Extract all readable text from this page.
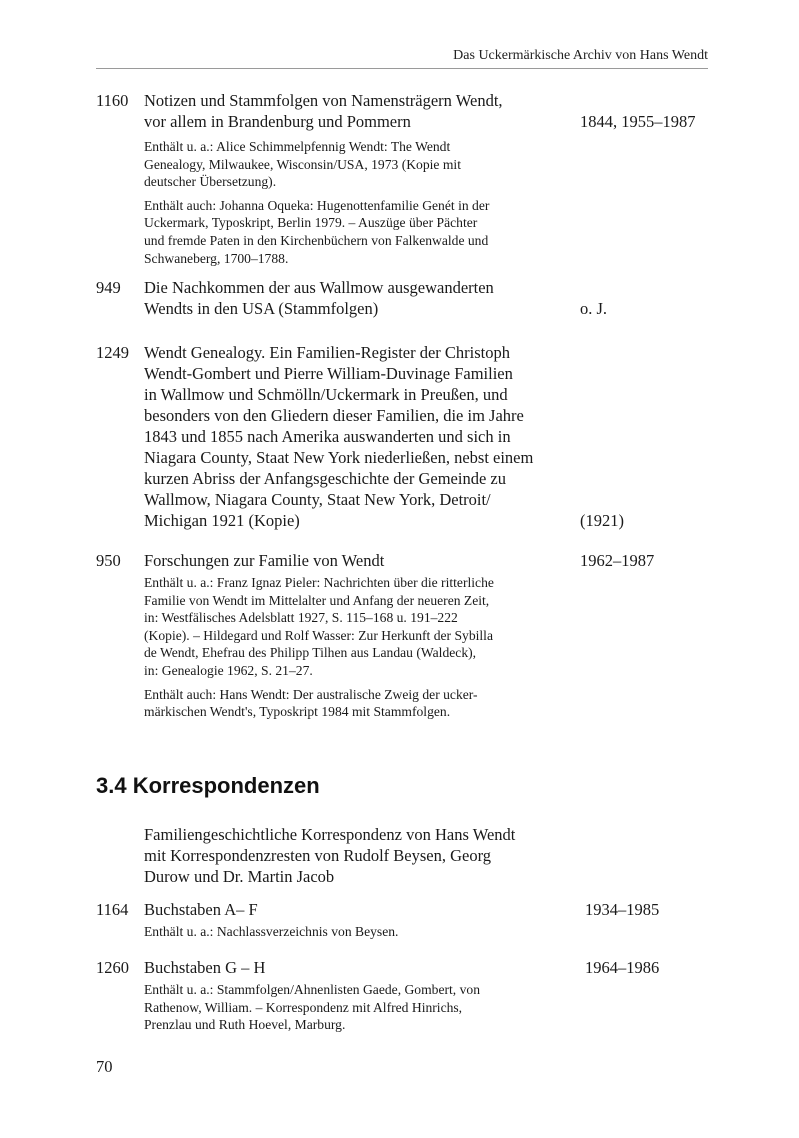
Das Uckermärkische Archiv von Hans Wendt
1160 Notizen und Stammfolgen von Namensträgern Wendt,
vor allem in Brandenburg und Pommern	1844, 1955–1987
Enthält u. a.: Alice Schimmelpfennig Wendt: The Wendt
Genealogy, Milwaukee, Wisconsin/USA, 1973 (Kopie mit
deutscher Übersetzung).
Enthält auch: Johanna Oqueka: Hugenottenfamilie Genét in der
Uckermark, Typoskript, Berlin 1979. – Auszüge über Pächter
und fremde Paten in den Kirchenbüchern von Falkenwalde und
Schwaneberg, 1700–1788.
949 Die Nachkommen der aus Wallmow ausgewanderten
Wendts in den USA (Stammfolgen)	o. J.
1249 Wendt Genealogy. Ein Familien-Register der Christoph
Wendt-Gombert und Pierre William-Duvinage Familien
in Wallmow und Schmölln/Uckermark in Preußen, und
besonders von den Gliedern dieser Familien, die im Jahre
1843 und 1855 nach Amerika auswanderten und sich in
Niagara County, Staat New York niederließen, nebst einem
kurzen Abriss der Anfangsgeschichte der Gemeinde zu
Wallmow, Niagara County, Staat New York, Detroit/
Michigan 1921 (Kopie)	(1921)
950 Forschungen zur Familie von Wendt	1962–1987
Enthält u. a.: Franz Ignaz Pieler: Nachrichten über die ritterliche
Familie von Wendt im Mittelalter und Anfang der neueren Zeit,
in: Westfälisches Adelsblatt 1927, S. 115–168 u. 191–222
(Kopie). – Hildegard und Rolf Wasser: Zur Herkunft der Sybilla
de Wendt, Ehefrau des Philipp Tilhen aus Landau (Waldeck),
in: Genealogie 1962, S. 21–27.
Enthält auch: Hans Wendt: Der australische Zweig der ucker-
märkischen Wendt's, Typoskript 1984 mit Stammfolgen.
3.4 Korrespondenzen
Familiengeschichtliche Korrespondenz von Hans Wendt
mit Korrespondenzresten von Rudolf Beysen, Georg
Durow und Dr. Martin Jacob
1164 Buchstaben A– F	1934–1985
Enthält u. a.: Nachlassverzeichnis von Beysen.
1260 Buchstaben G – H	1964–1986
Enthält u. a.: Stammfolgen/Ahnenlisten Gaede, Gombert, von
Rathenow, William. – Korrespondenz mit Alfred Hinrichs,
Prenzlau und Ruth Hoevel, Marburg.
70
